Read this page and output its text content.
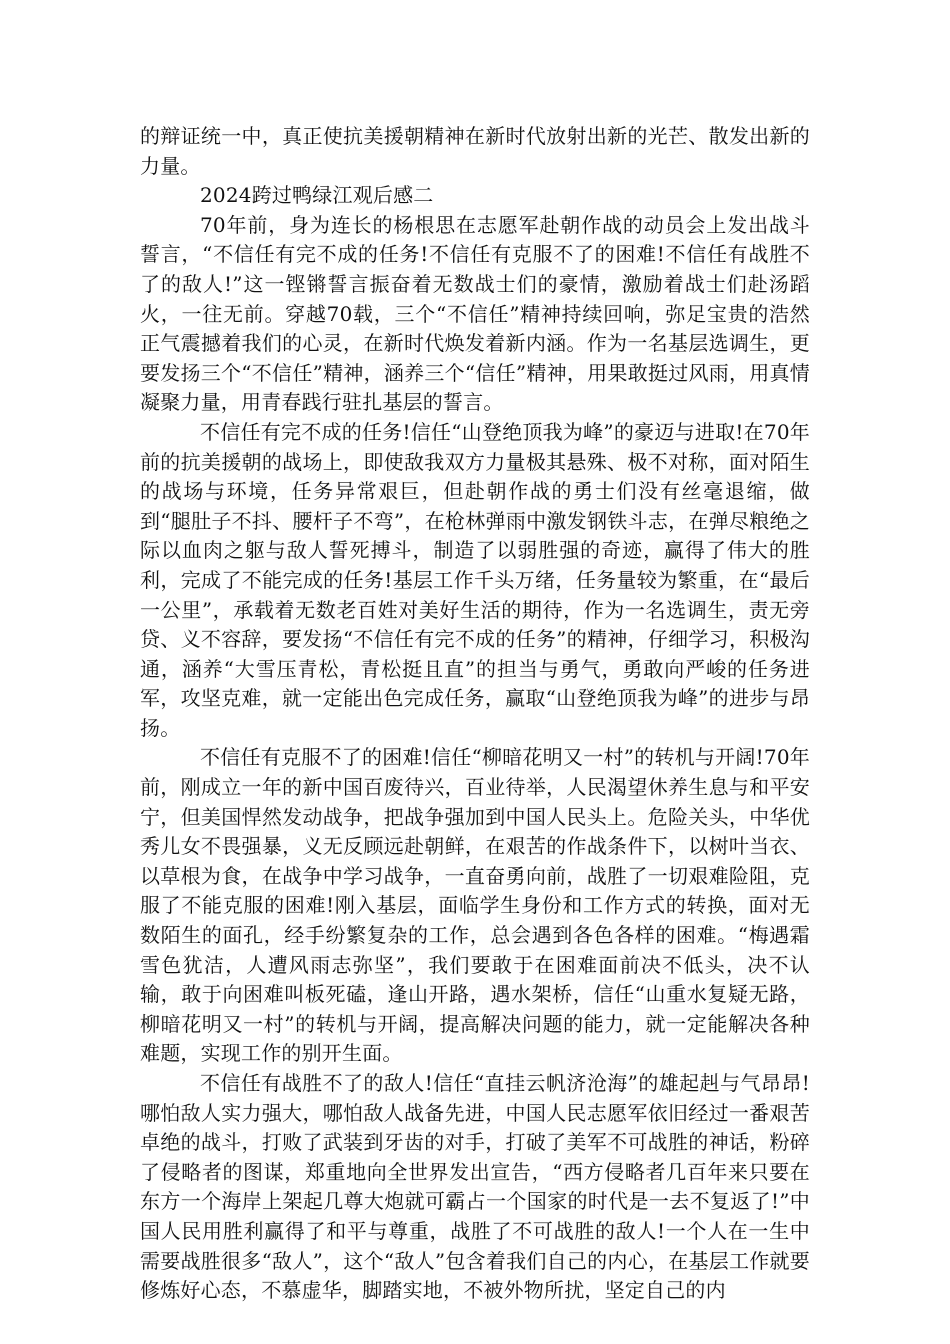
的辩证统一中，真正使抗美援朝精神在新时代放射出新的光芒、散发出新的力量。

2024跨过鸭绿江观后感二

70年前，身为连长的杨根思在志愿军赴朝作战的动员会上发出战斗誓言，“不信任有完不成的任务!不信任有克服不了的困难!不信任有战胜不了的敌人!”这一铿锵誓言振奋着无数战士们的豪情，激励着战士们赴汤蹈火，一往无前。穿越70载，三个“不信任”精神持续回响，弥足宝贵的浩然正气震撼着我们的心灵，在新时代焕发着新内涵。作为一名基层选调生，更要发扬三个“不信任”精神，涵养三个“信任”精神，用果敢挺过风雨，用真情凝聚力量，用青春践行驻扎基层的誓言。

不信任有完不成的任务!信任“山登绝顶我为峰”的豪迈与进取!在70年前的抗美援朝的战场上，即使敌我双方力量极其悬殊、极不对称，面对陌生的战场与环境，任务异常艰巨，但赴朝作战的勇士们没有丝毫退缩，做到“腿肚子不抖、腰杆子不弯”，在枪林弹雨中激发钢铁斗志，在弹尽粮绝之际以血肉之躯与敌人誓死搏斗，制造了以弱胜强的奇迹，赢得了伟大的胜利，完成了不能完成的任务!基层工作千头万绪，任务量较为繁重，在“最后一公里”，承载着无数老百姓对美好生活的期待，作为一名选调生，责无旁贷、义不容辞，要发扬“不信任有完不成的任务”的精神，仔细学习，积极沟通，涵养“大雪压青松，青松挺且直”的担当与勇气，勇敢向严峻的任务进军，攻坚克难，就一定能出色完成任务，赢取“山登绝顶我为峰”的进步与昂扬。

不信任有克服不了的困难!信任“柳暗花明又一村”的转机与开阔!70年前，刚成立一年的新中国百废待兴，百业待举，人民渴望休养生息与和平安宁，但美国悍然发动战争，把战争强加到中国人民头上。危险关头，中华优秀儿女不畏强暴，义无反顾远赴朝鲜，在艰苦的作战条件下，以树叶当衣、以草根为食，在战争中学习战争，一直奋勇向前，战胜了一切艰难险阻，克服了不能克服的困难!刚入基层，面临学生身份和工作方式的转换，面对无数陌生的面孔，经手纷繁复杂的工作，总会遇到各色各样的困难。“梅遇霜雪色犹洁，人遭风雨志弥坚”，我们要敢于在困难面前决不低头，决不认输，敢于向困难叫板死磕，逢山开路，遇水架桥，信任“山重水复疑无路，柳暗花明又一村”的转机与开阔，提高解决问题的能力，就一定能解决各种难题，实现工作的别开生面。

不信任有战胜不了的敌人!信任“直挂云帆济沧海”的雄起赳与气昂昂!哪怕敌人实力强大，哪怕敌人战备先进，中国人民志愿军依旧经过一番艰苦卓绝的战斗，打败了武装到牙齿的对手，打破了美军不可战胜的神话，粉碎了侵略者的图谋，郑重地向全世界发出宣告，“西方侵略者几百年来只要在东方一个海岸上架起几尊大炮就可霸占一个国家的时代是一去不复返了!”中国人民用胜利赢得了和平与尊重，战胜了不可战胜的敌人!一个人在一生中需要战胜很多“敌人”，这个“敌人”包含着我们自己的内心，在基层工作就要修炼好心态，不慕虚华，脚踏实地，不被外物所扰，坚定自己的内
